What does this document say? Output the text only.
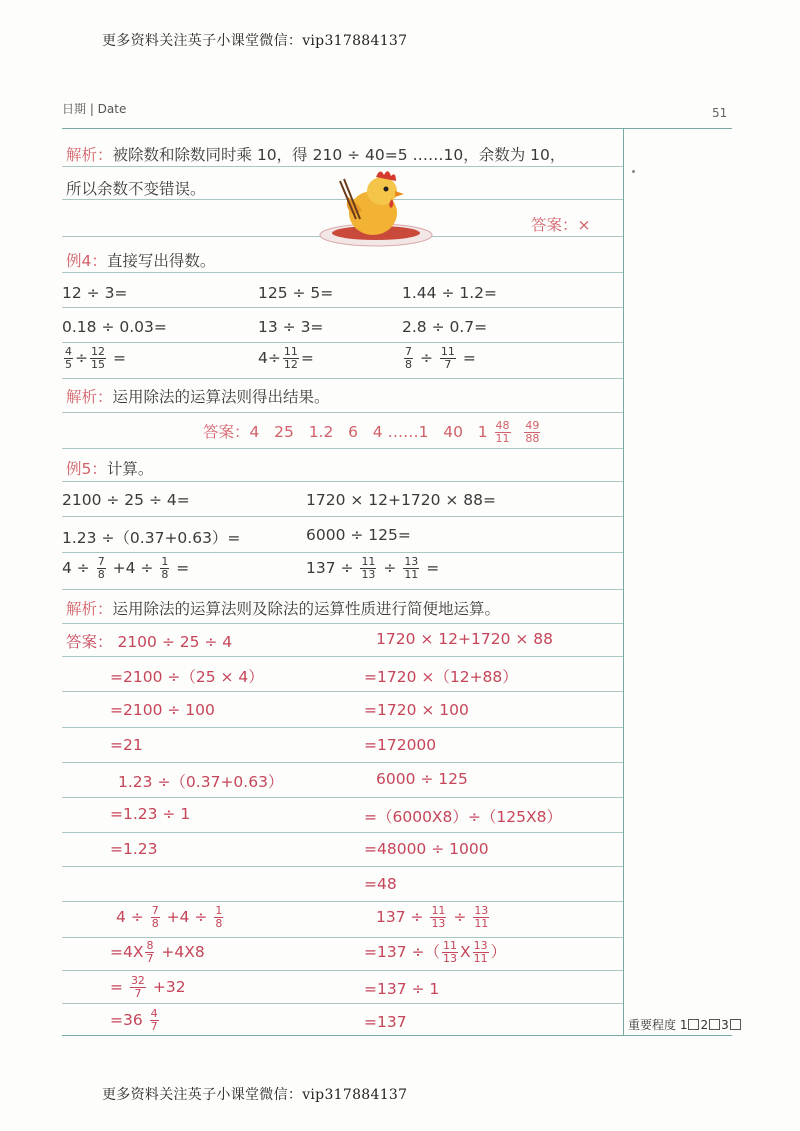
更多资料关注英子小课堂微信：vip317884137
日期 | Date	51
解析：被除数和除数同时乘 10，得 210 ÷ 40=5 ……10，余数为 10，
所以余数不变错误。
答案：×
例4：直接写出得数。
12 ÷ 3=	125 ÷ 5=	1.44 ÷ 1.2=
0.18 ÷ 0.03=	13 ÷ 3=	2.8 ÷ 0.7=
$\frac{4}{5} \div \frac{12}{15}$ =	$4\div \frac{11}{12}$ =	$\frac{7}{8} \div \frac{11}{7}$ =
解析：运用除法的运算法则得出结果。
答案：4 25 1.2 6 4 ……1 40 $1 \frac{48}{11}$
$\frac{49}{88}$
例5：计算。
2100 ÷ 25 ÷ 4=	1720 × 12+1720 × 88=
1.23 ÷（0.37+0.63）=	6000 ÷ 125=
$4 \div \frac{7}{8} +4 \div \frac{1}{8}$ =	$137 \div \frac{11}{13} \div \frac{13}{11}$ =
解析：运用除法的运算法则及除法的运算性质进行简便地运算。
答案： 2100 ÷ 25 ÷ 4	1720 × 12+1720 × 88
=2100 ÷（25 × 4）	=1720 ×（12+88）
=2100 ÷ 100	=1720 × 100
=21	=172000
1.23 ÷（0.37+0.63）	6000 ÷ 125
=1.23 ÷ 1	=（6000X8）÷（125X8）
=1.23	=48000 ÷ 1000
=48
$4 \div \frac{7}{8} +4 \div \frac{1}{8}$	$137 \div \frac{11}{13} \div \frac{13}{11}$
$=4X \frac{8}{7} +4X8$	=137 ÷（ $\frac{11}{13}$ X $\frac{13}{11}$ ）
= $\frac{32}{7} +32$	=137 ÷ 1
$=36 \frac{4}{7}$	=137	重要程度 1 2 3
更多资料关注英子小课堂微信：vip317884137
